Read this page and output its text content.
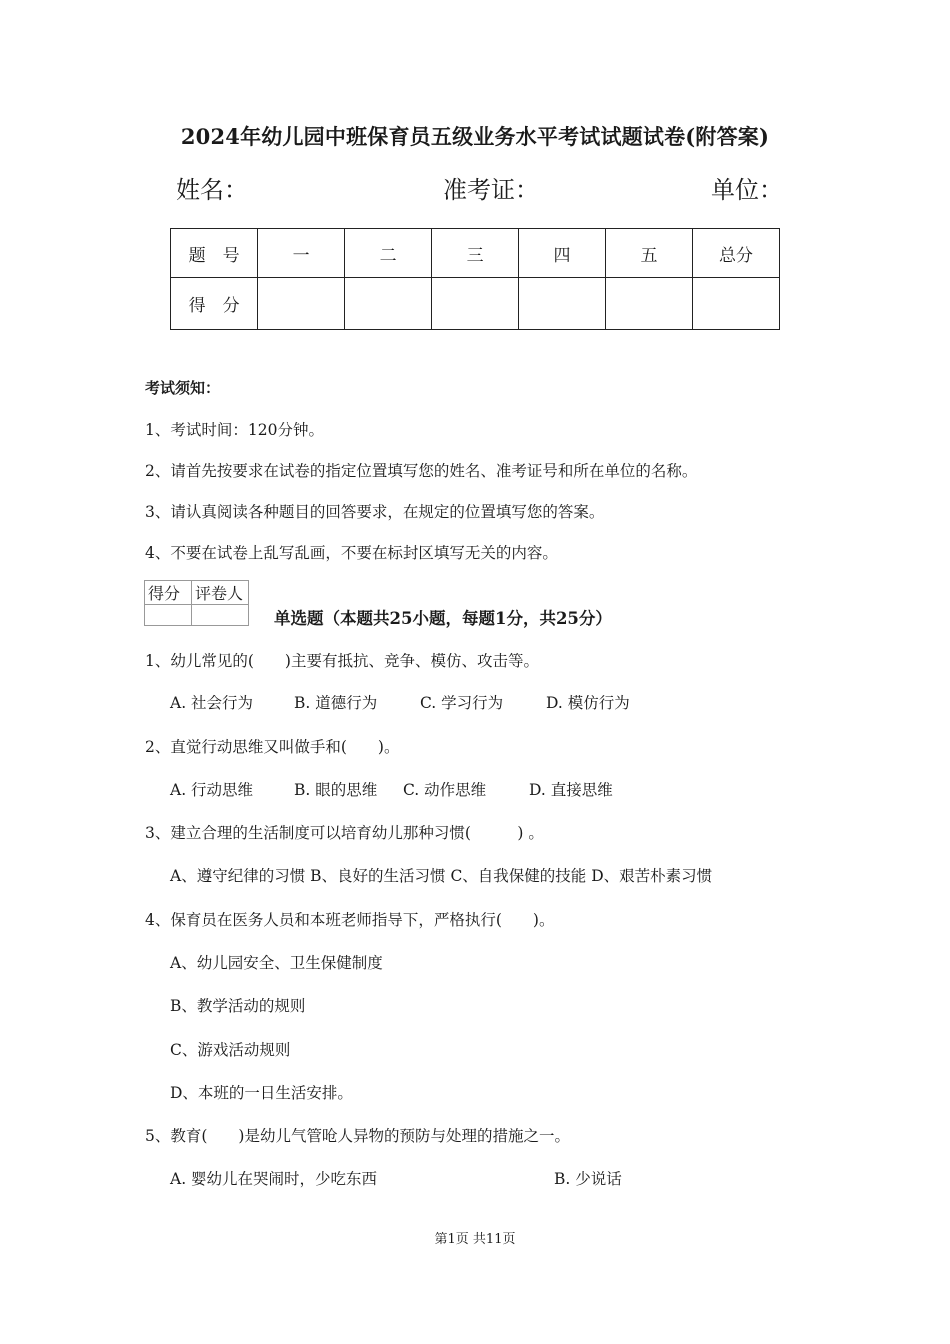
2024年幼儿园中班保育员五级业务水平考试试题试卷(附答案)
姓名：	准考证：	单位：
题　号	一	二	三	四	五	总分
得　分						
考试须知：
1、考试时间：120分钟。
2、请首先按要求在试卷的指定位置填写您的姓名、准考证号和所在单位的名称。
3、请认真阅读各种题目的回答要求，在规定的位置填写您的答案。
4、不要在试卷上乱写乱画，不要在标封区填写无关的内容。
得分	评卷人

单选题（本题共25小题，每题1分，共25分）
1、幼儿常见的(　　)主要有抵抗、竞争、模仿、攻击等。
A. 社会行为	B. 道德行为	C. 学习行为	D. 模仿行为
2、直觉行动思维又叫做手和(　　)。
A. 行动思维	B. 眼的思维 C. 动作思维	D. 直接思维
3、建立合理的生活制度可以培育幼儿那种习惯(　　　) 。
A、遵守纪律的习惯 B、良好的生活习惯 C、自我保健的技能 D、艰苦朴素习惯
4、保育员在医务人员和本班老师指导下，严格执行(　　)。
A、幼儿园安全、卫生保健制度
B、教学活动的规则
C、游戏活动规则
D、本班的一日生活安排。
5、教育(　　)是幼儿气管呛人异物的预防与处理的措施之一。
A. 婴幼儿在哭闹时，少吃东西	B. 少说话
第1页 共11页
